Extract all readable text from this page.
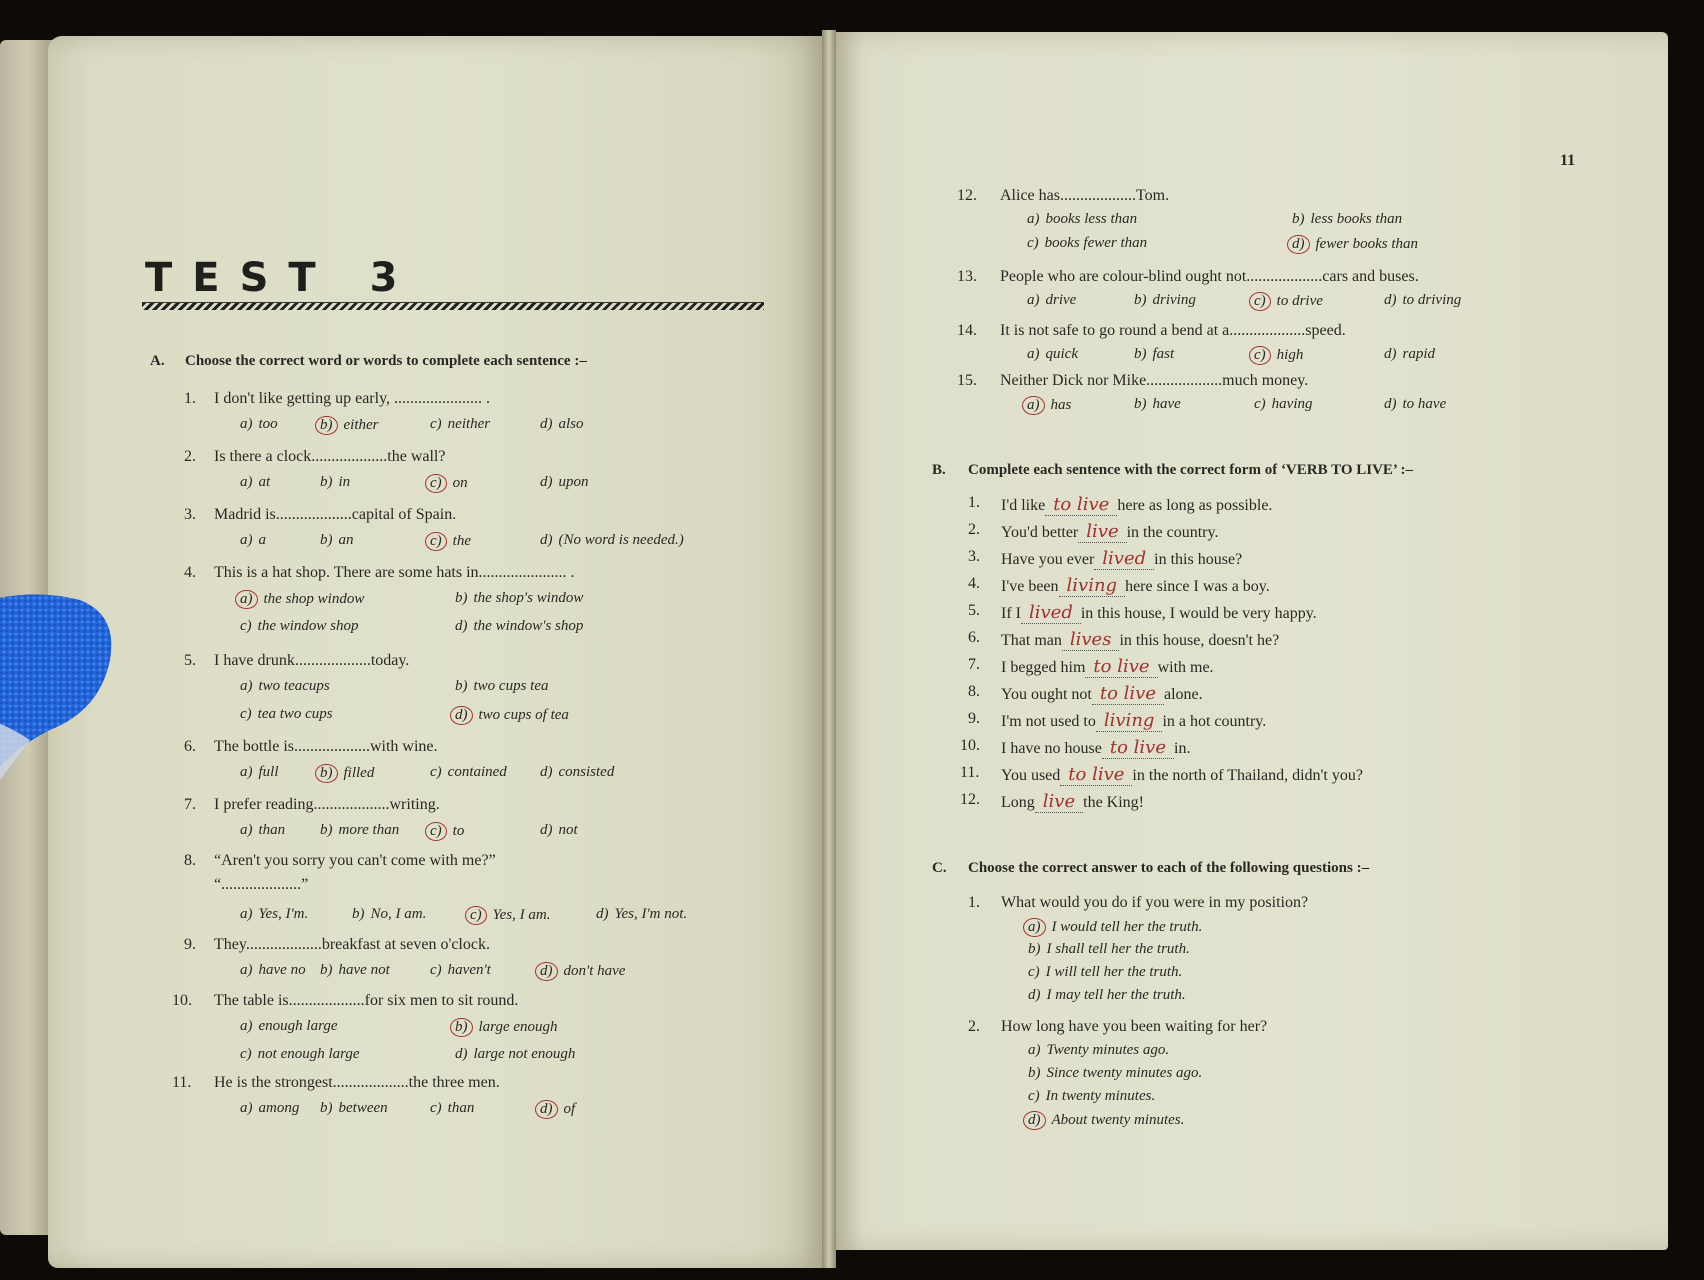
TEST 3
A. Choose the correct word or words to complete each sentence :–
1. I don't like getting up early, ...................... .
a) too	b) either	c) neither	d) also
2. Is there a clock...................the wall?
a) at	b) in	c) on	d) upon
3. Madrid is...................capital of Spain.
a) a	b) an	c) the	d) (No word is needed.)
4. This is a hat shop. There are some hats in...................... .
a) the shop window	b) the shop's window
c) the window shop	d) the window's shop
5. I have drunk...................today.
a) two teacups	b) two cups tea
c) tea two cups	d) two cups of tea
6. The bottle is...................with wine.
a) full	b) filled	c) contained d) consisted
7. I prefer reading...................writing.
a) than b) more than c) to	d) not
8. “Aren't you sorry you can't come with me?”
“....................”
a) Yes, I'm.	b) No, I am.	c) Yes, I am.	d) Yes, I'm not.
9. They...................breakfast at seven o'clock.
a) have no b) have not	c) haven't	d) don't have
10. The table is...................for six men to sit round.
a) enough large	b) large enough
c) not enough large	d) large not enough
11. He is the strongest...................the three men.
a) among b) between	c) than	d) of
11
12. Alice has...................Tom.
a) books less than	b) less books than
c) books fewer than	d) fewer books than
13. People who are colour-blind ought not...................cars and buses.
a) drive	b) driving	c) to drive	d) to driving
14. It is not safe to go round a bend at a...................speed.
a) quick	b) fast	c) high	d) rapid
15. Neither Dick nor Mike...................much money.
a) has	b) have	c) having	d) to have
B. Complete each sentence with the correct form of ‘VERB TO LIVE’ :–
1. I'd like to live here as long as possible.
2. You'd better live in the country.
3. Have you ever lived in this house?
4. I've been living here since I was a boy.
5. If I lived in this house, I would be very happy.
6. That man lives in this house, doesn't he?
7. I begged him to live with me.
8. You ought not to live alone.
9. I'm not used to living in a hot country.
10. I have no house to live in.
11. You used to live in the north of Thailand, didn't you?
12. Long live the King!
C. Choose the correct answer to each of the following questions :–
1. What would you do if you were in my position?
a) I would tell her the truth.
b) I shall tell her the truth.
c) I will tell her the truth.
d) I may tell her the truth.
2. How long have you been waiting for her?
a) Twenty minutes ago.
b) Since twenty minutes ago.
c) In twenty minutes.
d) About twenty minutes.
